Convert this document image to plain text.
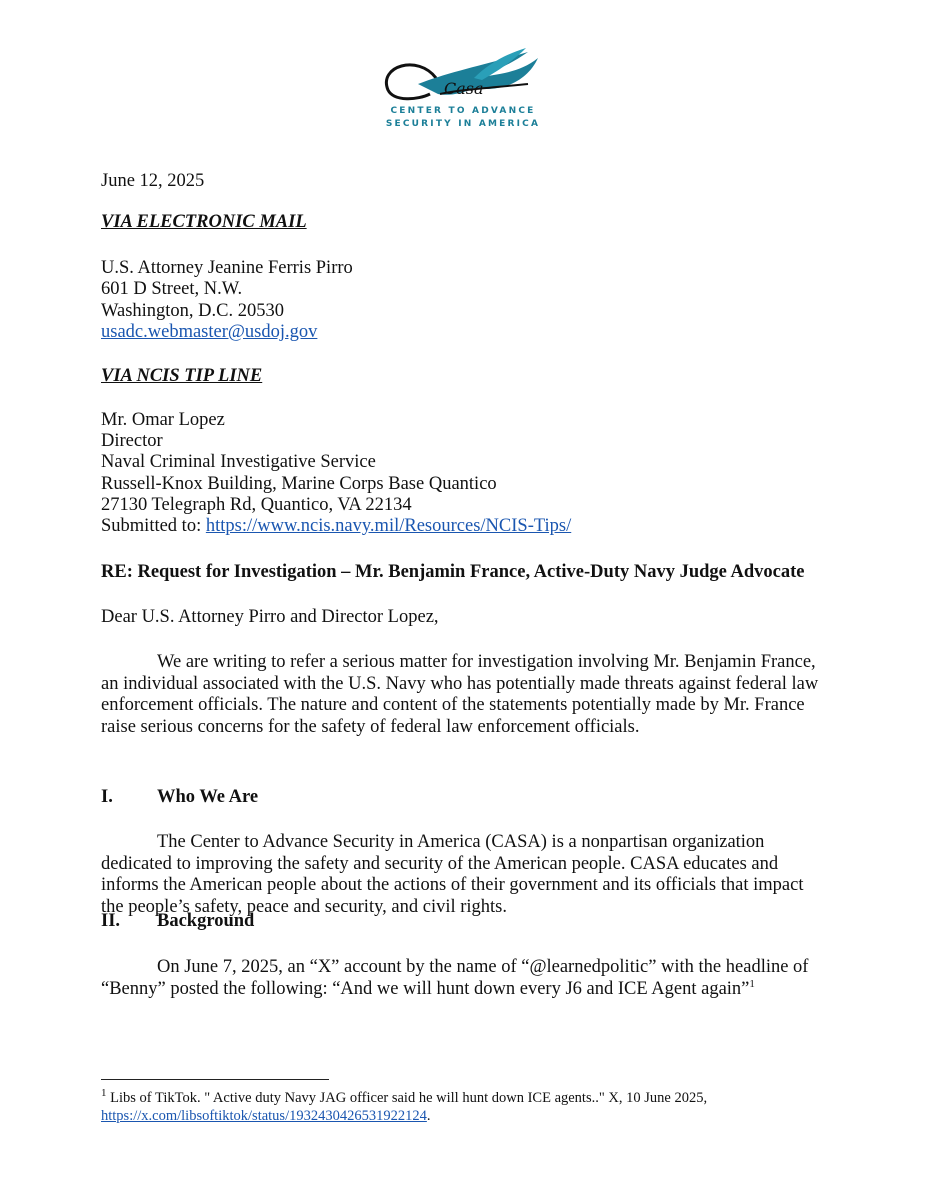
Casa
CENTER TO ADVANCE
SECURITY IN AMERICA
June 12, 2025
VIA ELECTRONIC MAIL
U.S. Attorney Jeanine Ferris Pirro
601 D Street, N.W.
Washington, D.C. 20530
usadc.webmaster@usdoj.gov
VIA NCIS TIP LINE
Mr. Omar Lopez
Director
Naval Criminal Investigative Service
Russell-Knox Building, Marine Corps Base Quantico
27130 Telegraph Rd, Quantico, VA 22134
Submitted to: https://www.ncis.navy.mil/Resources/NCIS-Tips/
RE: Request for Investigation – Mr. Benjamin France, Active-Duty Navy Judge Advocate
Dear U.S. Attorney Pirro and Director Lopez,
We are writing to refer a serious matter for investigation involving Mr. Benjamin France,
an individual associated with the U.S. Navy who has potentially made threats against federal law
enforcement officials. The nature and content of the statements potentially made by Mr. France
raise serious concerns for the safety of federal law enforcement officials.
I. Who We Are
The Center to Advance Security in America (CASA) is a nonpartisan organization
dedicated to improving the safety and security of the American people. CASA educates and
informs the American people about the actions of their government and its officials that impact
the people’s safety, peace and security, and civil rights.
II. Background
On June 7, 2025, an “X” account by the name of “@learnedpolitic” with the headline of
“Benny” posted the following: “And we will hunt down every J6 and ICE Agent again”$^1$
$^1$ Libs of TikTok. " Active duty Navy JAG officer said he will hunt down ICE agents.." X, 10 June 2025,
https://x.com/libsoftiktok/status/1932430426531922124.
